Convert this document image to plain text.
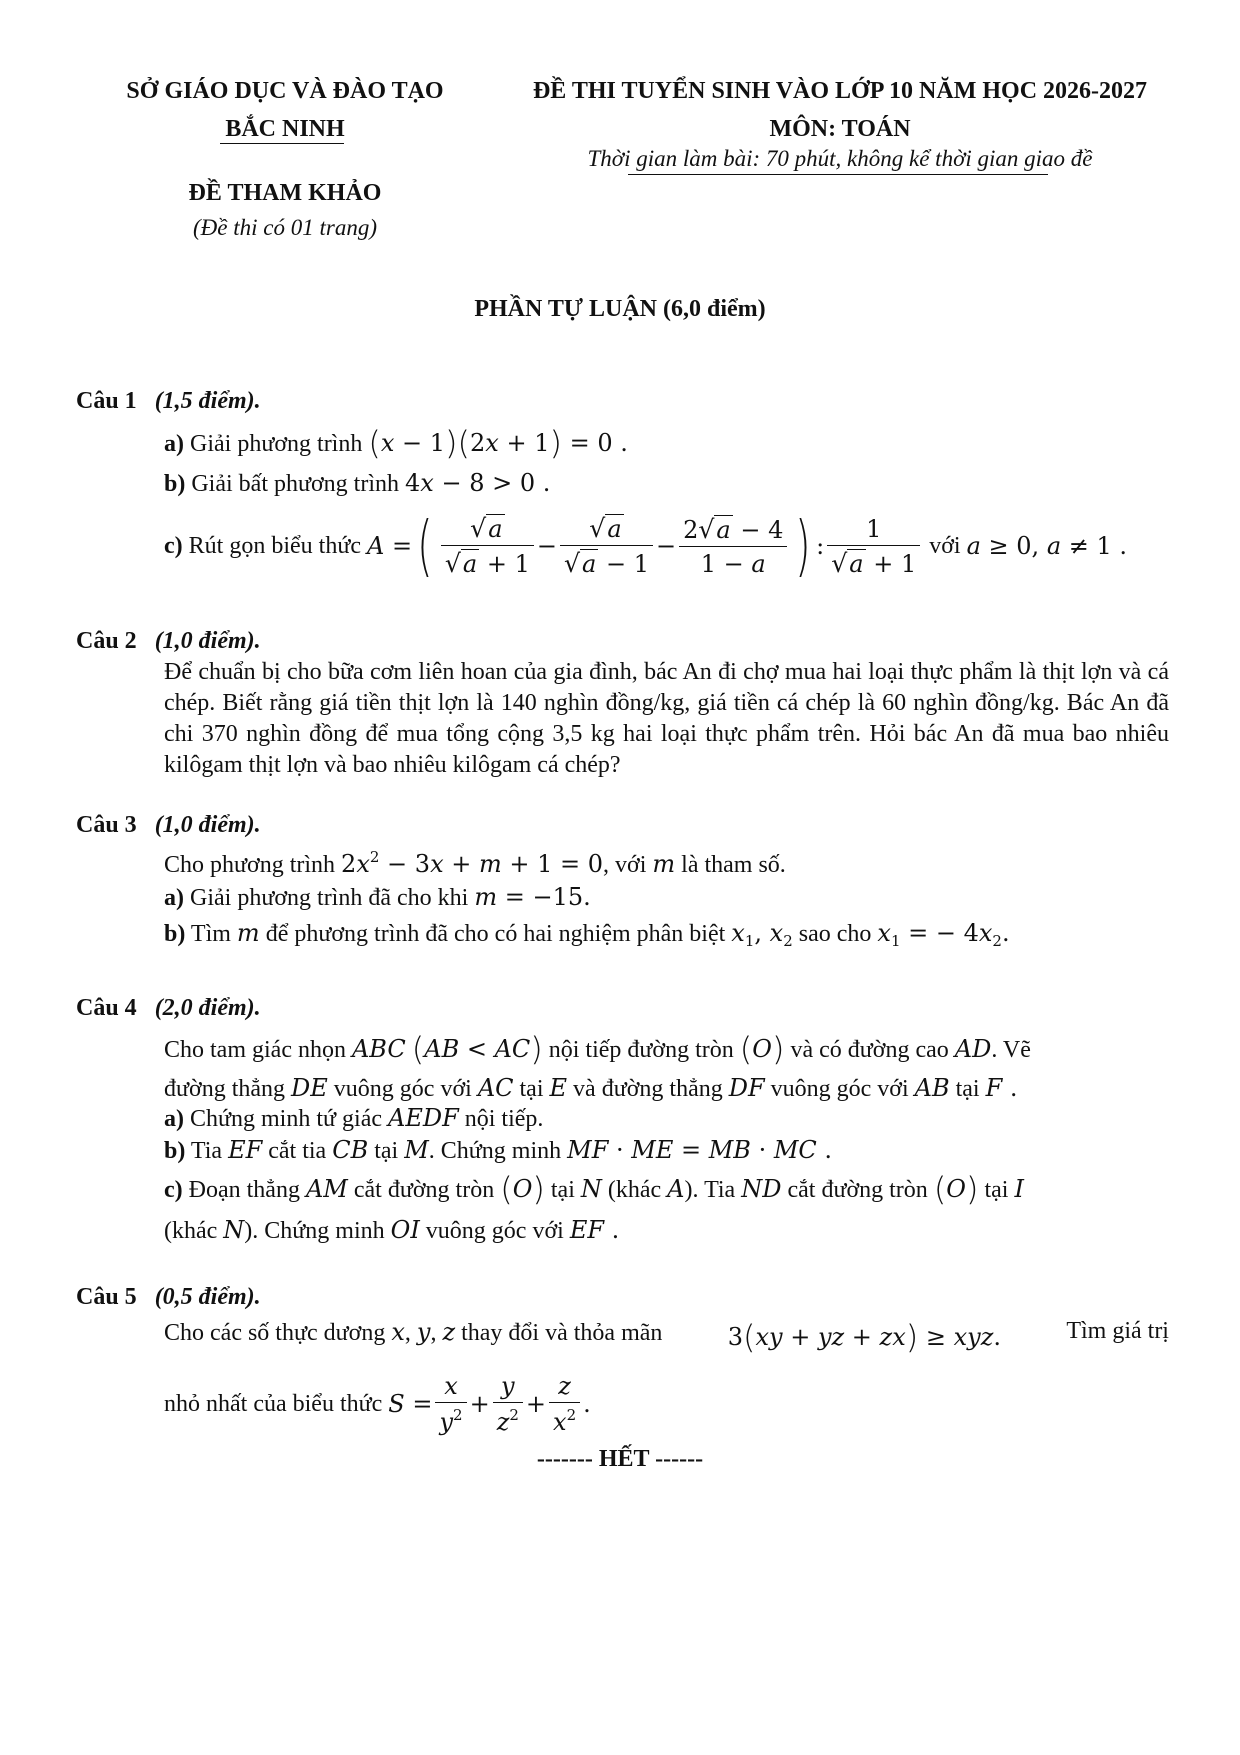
SỞ GIÁO DỤC VÀ ĐÀO TẠO
BẮC NINH
ĐỀ THI TUYỂN SINH VÀO LỚP 10 NĂM HỌC 2026-2027
MÔN: TOÁN
Thời gian làm bài: 70 phút, không kể thời gian giao đề
ĐỀ THAM KHẢO
(Đề thi có 01 trang)
PHẦN TỰ LUẬN (6,0 điểm)
Câu 1 (1,5 điểm).
a) Giải phương trình (x − 1)(2x + 1) = 0 .
b) Giải bất phương trình 4x − 8 > 0 .
c)
Rút gọn biểu thức
A = ( $\frac{√a}{√a + 1} - \frac{√a}{√a - 1} - \frac{2√a - 4}{1 - a}$ ) : $\frac{1}{√a + 1}$
với
a ≥ 0, a ≠ 1 .
Câu 2 (1,0 điểm).
Để chuẩn bị cho bữa cơm liên hoan của gia đình, bác An đi chợ mua hai loại thực phẩm là thịt lợn và cá chép. Biết rằng giá tiền thịt lợn là 140 nghìn đồng/kg, giá tiền cá chép là 60 nghìn đồng/kg. Bác An đã chi 370 nghìn đồng để mua tổng cộng 3,5 kg hai loại thực phẩm trên. Hỏi bác An đã mua bao nhiêu kilôgam thịt lợn và bao nhiêu kilôgam cá chép?
Câu 3 (1,0 điểm).
Cho phương trình $2x^2 - 3x + m + 1 = 0$, với m là tham số.
a) Giải phương trình đã cho khi m = −15.
b) Tìm m để phương trình đã cho có hai nghiệm phân biệt $x_1$, $x_2$ sao cho $x_1$ = − $4x_2$.
Câu 4 (2,0 điểm).
Cho tam giác nhọn ABC (AB < AC) nội tiếp đường tròn (O) và có đường cao AD. Vẽ
đường thẳng DE vuông góc với AC tại E và đường thẳng DF vuông góc với AB tại F .
a) Chứng minh tứ giác AEDF nội tiếp.
b) Tia EF cắt tia CB tại M. Chứng minh MF · ME = MB · MC .
c) Đoạn thẳng AM cắt đường tròn (O) tại N (khác A). Tia ND cắt đường tròn (O) tại I
(khác N). Chứng minh OI vuông góc với EF .
Câu 5 (0,5 điểm).
Cho các số thực dương x, y, z thay đổi và thỏa mãn	3(xy + yz + zx) ≥ xyz.	Tìm giá trị
nhỏ nhất của biểu thức
$S = \frac{x}{y^2} + \frac{y}{z^2} + \frac{z}{x^2}$ .
------- HẾT ------
